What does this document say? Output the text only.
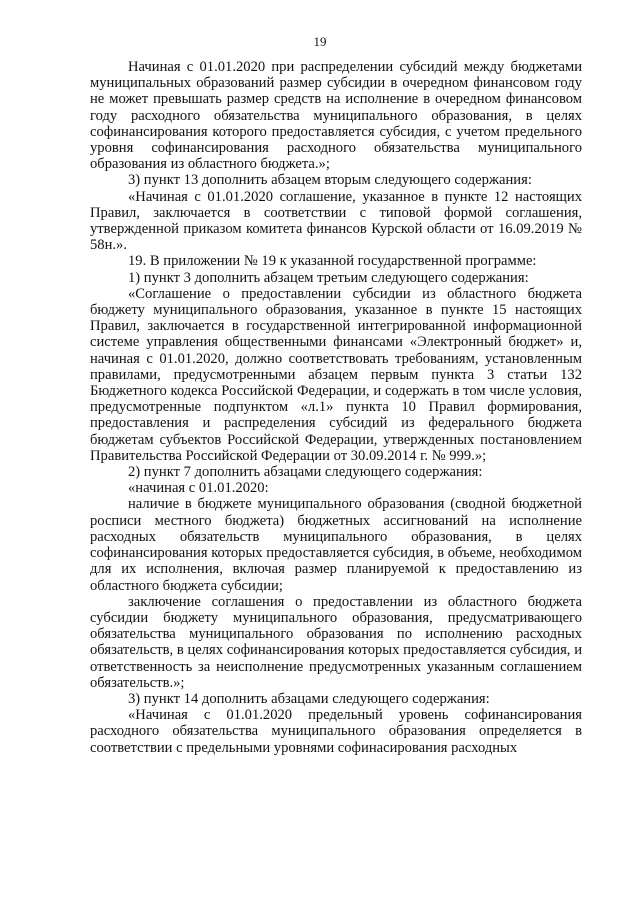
19

Начиная с 01.01.2020 при распределении субсидий между бюджетами муниципальных образований размер субсидии в очередном финансовом году не может превышать размер средств на исполнение в очередном финансовом году расходного обязательства муниципального образования, в целях софинансирования которого предоставляется субсидия, с учетом предельного уровня софинансирования расходного обязательства муниципального образования из областного бюджета.»;

3) пункт 13 дополнить абзацем вторым следующего содержания:

«Начиная с 01.01.2020 соглашение, указанное в пункте 12 настоящих Правил, заключается в соответствии с типовой формой соглашения, утвержденной приказом комитета финансов Курской области от 16.09.2019 № 58н.».

19. В приложении № 19 к указанной государственной программе:

1) пункт 3 дополнить абзацем третьим следующего содержания:

«Соглашение о предоставлении субсидии из областного бюджета бюджету муниципального образования, указанное в пункте 15 настоящих Правил, заключается в государственной интегрированной информационной системе управления общественными финансами «Электронный бюджет» и, начиная с 01.01.2020, должно соответствовать требованиям, установленным правилами, предусмотренными абзацем первым пункта 3 статьи 132 Бюджетного кодекса Российской Федерации, и содержать в том числе условия, предусмотренные подпунктом «л.1» пункта 10 Правил формирования, предоставления и распределения субсидий из федерального бюджета бюджетам субъектов Российской Федерации, утвержденных постановлением Правительства Российской Федерации от 30.09.2014 г. № 999.»;

2) пункт 7 дополнить абзацами следующего содержания:

«начиная с 01.01.2020:

наличие в бюджете муниципального образования (сводной бюджетной росписи местного бюджета) бюджетных ассигнований на исполнение расходных обязательств муниципального образования, в целях софинансирования которых предоставляется субсидия, в объеме, необходимом для их исполнения, включая размер планируемой к предоставлению из областного бюджета субсидии;

заключение соглашения о предоставлении из областного бюджета субсидии бюджету муниципального образования, предусматривающего обязательства муниципального образования по исполнению расходных обязательств, в целях софинансирования которых предоставляется субсидия, и ответственность за неисполнение предусмотренных указанным соглашением обязательств.»;

3) пункт 14 дополнить абзацами следующего содержания:

«Начиная с 01.01.2020 предельный уровень софинансирования расходного обязательства муниципального образования определяется в соответствии с предельными уровнями софинасирования расходных
